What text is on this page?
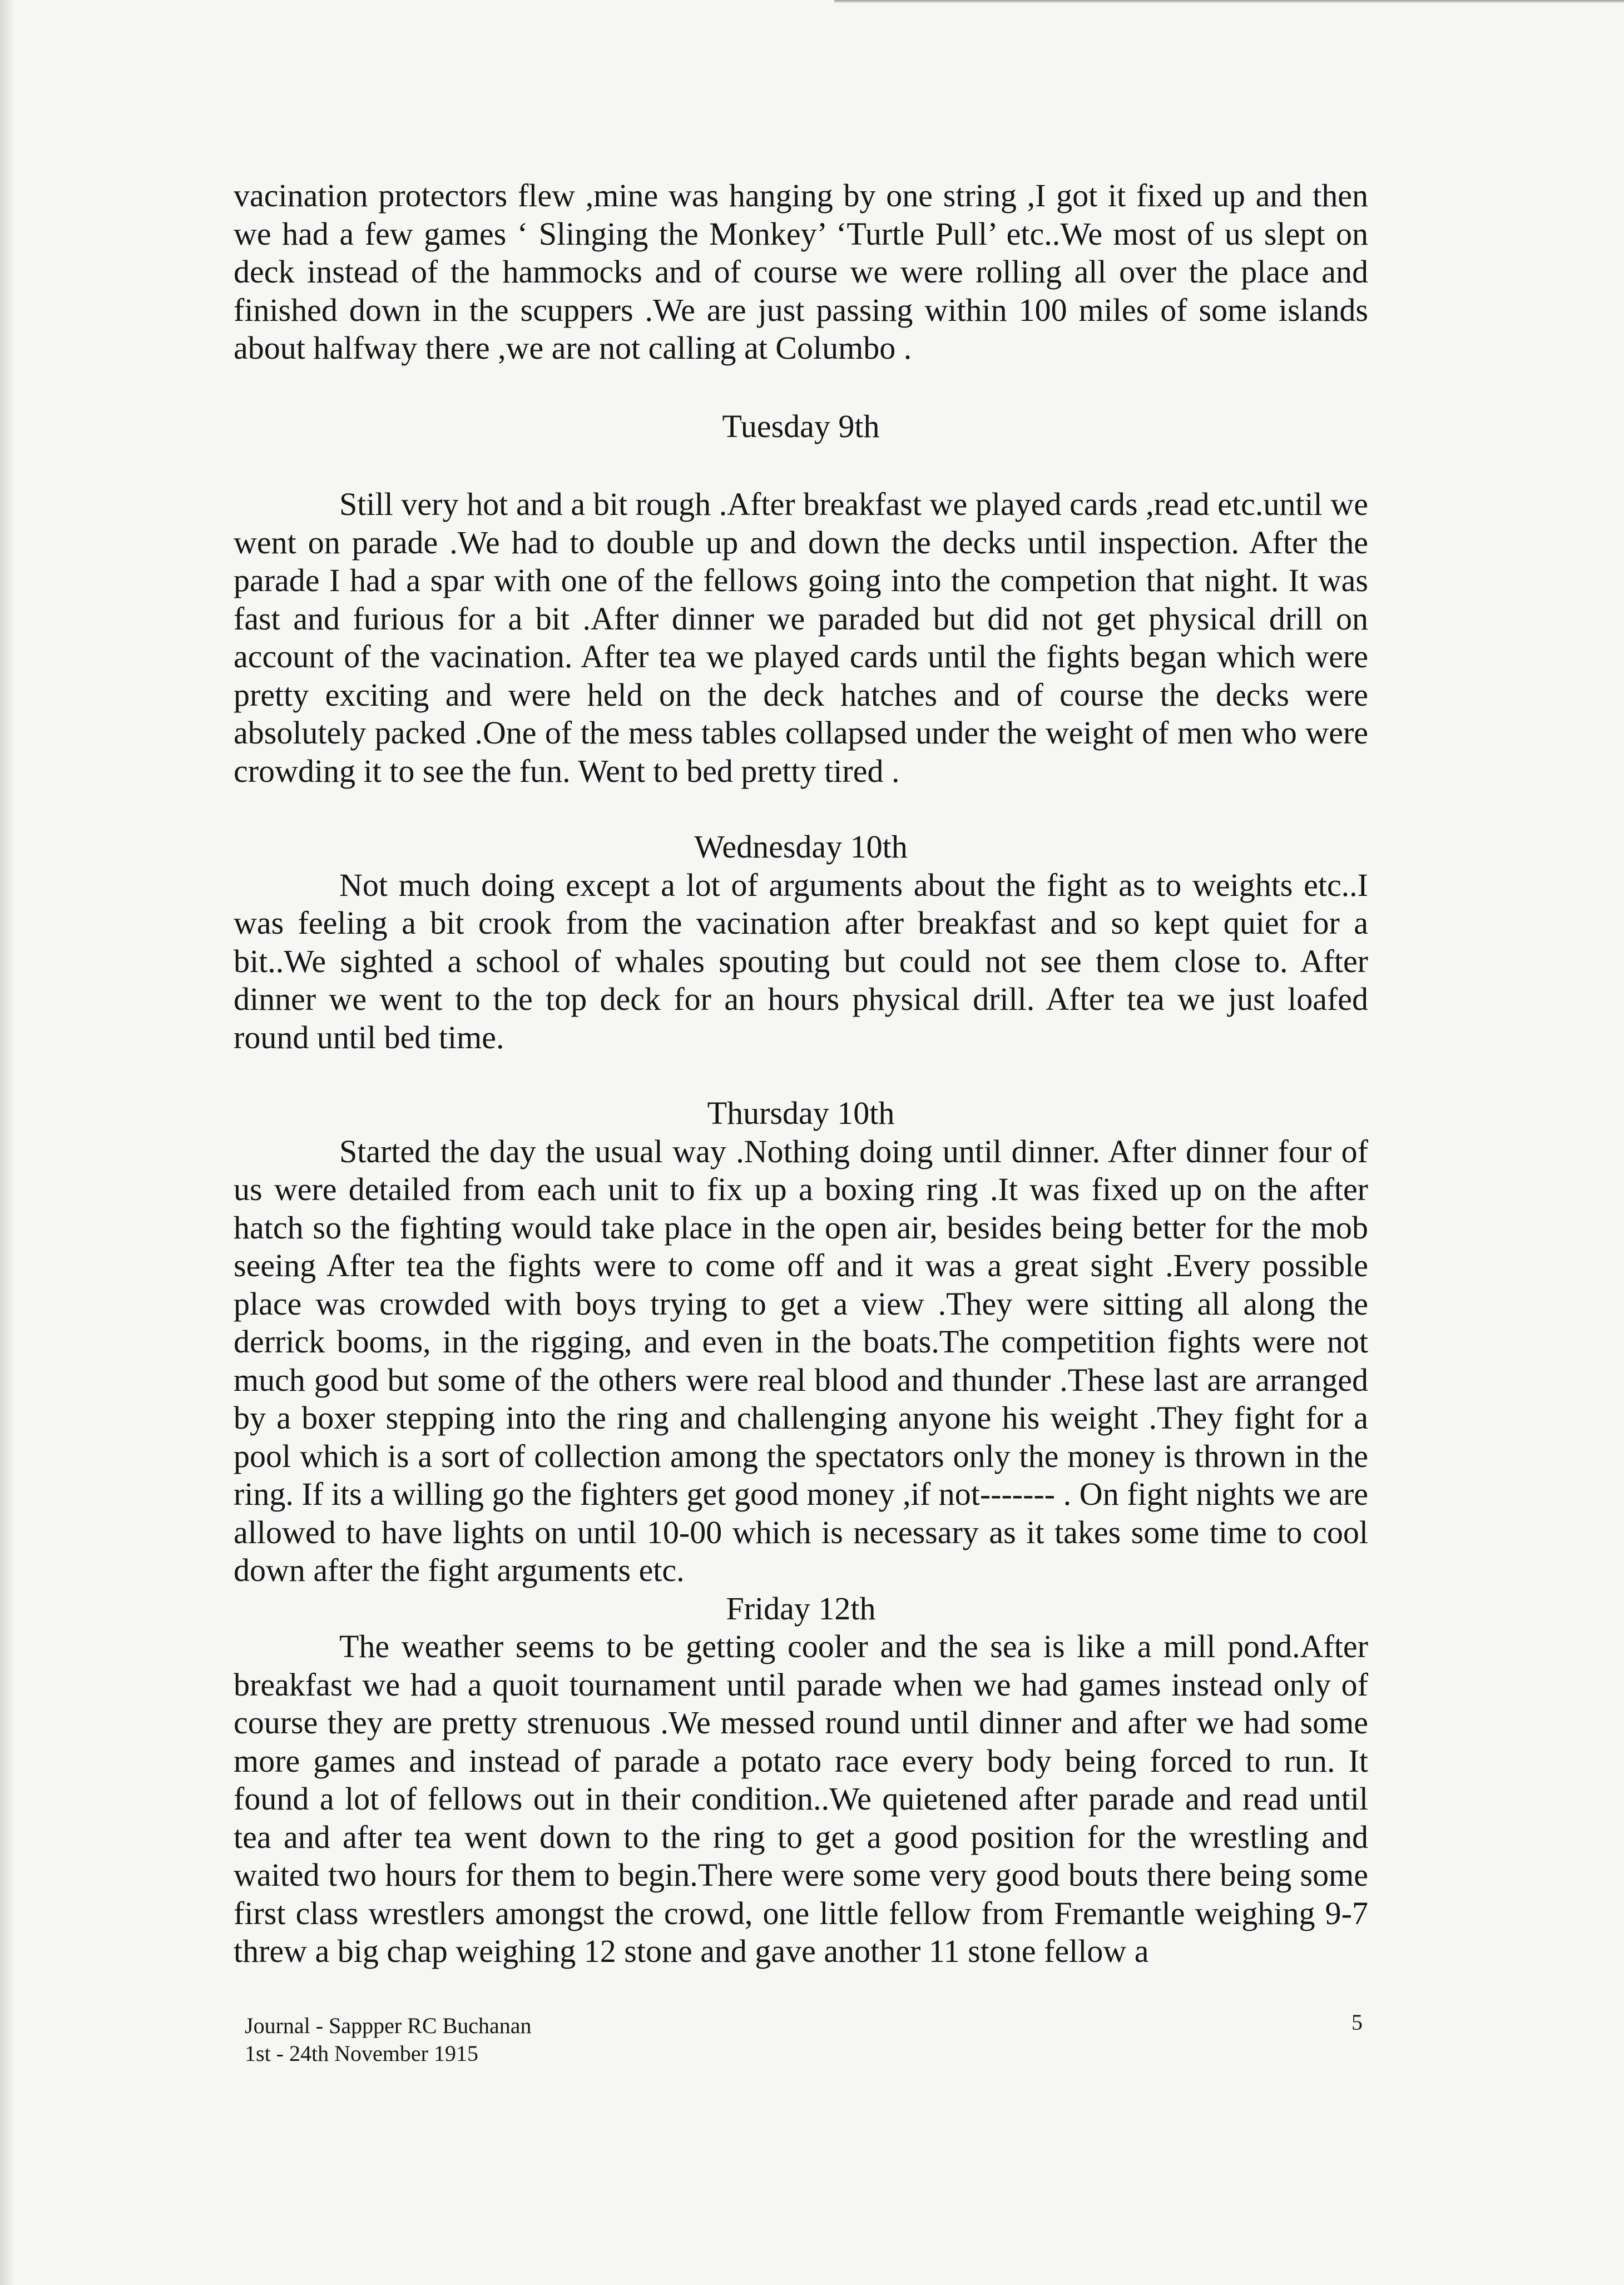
vacination protectors flew ,mine was hanging by one string ,I got it fixed up and then we had a few games ‘ Slinging the Monkey’ ‘Turtle Pull’ etc..We most of us slept on deck instead of the hammocks and of course we were rolling all over the place and finished down in the scuppers .We are just passing within 100 miles of some islands about halfway there ,we are not calling at Columbo .

Tuesday 9th

Still very hot and a bit rough .After breakfast we played cards ,read etc.until we went on parade .We had to double up and down the decks until inspection. After the parade I had a spar with one of the fellows going into the competion that night. It was fast and furious for a bit .After dinner we paraded but did not get physical drill on account of the vacination. After tea we played cards until the fights began which were pretty exciting and were held on the deck hatches and of course the decks were absolutely packed .One of the mess tables collapsed under the weight of men who were crowding it to see the fun. Went to bed pretty tired .

Wednesday 10th

Not much doing except a lot of arguments about the fight as to weights etc..I was feeling a bit crook from the vacination after breakfast and so kept quiet for a bit..We sighted a school of whales spouting but could not see them close to. After dinner we went to the top deck for an hours physical drill. After tea we just loafed round until bed time.

Thursday 10th

Started the day the usual way .Nothing doing until dinner. After dinner four of us were detailed from each unit to fix up a boxing ring .It was fixed up on the after hatch so the fighting would take place in the open air, besides being better for the mob seeing After tea the fights were to come off and it was a great sight .Every possible place was crowded with boys trying to get a view .They were sitting all along the derrick booms, in the rigging, and even in the boats.The competition fights were not much good but some of the others were real blood and thunder .These last are arranged by a boxer stepping into the ring and challenging anyone his weight .They fight for a pool which is a sort of collection among the spectators only the money is thrown in the ring. If its a willing go the fighters get good money ,if not------- . On fight nights we are allowed to have lights on until 10-00 which is necessary as it takes some time to cool down after the fight arguments etc.

Friday 12th

The weather seems to be getting cooler and the sea is like a mill pond.After breakfast we had a quoit tournament until parade when we had games instead only of course they are pretty strenuous .We messed round until dinner and after we had some more games and instead of parade a potato race every body being forced to run. It found a lot of fellows out in their condition..We quietened after parade and read until tea and after tea went down to the ring to get a good position for the wrestling and waited two hours for them to begin.There were some very good bouts there being some first class wrestlers amongst the crowd, one little fellow from Fremantle weighing 9-7 threw a big chap weighing 12 stone and gave another 11 stone fellow a

Journal - Sappper RC Buchanan
1st - 24th November 1915
5
